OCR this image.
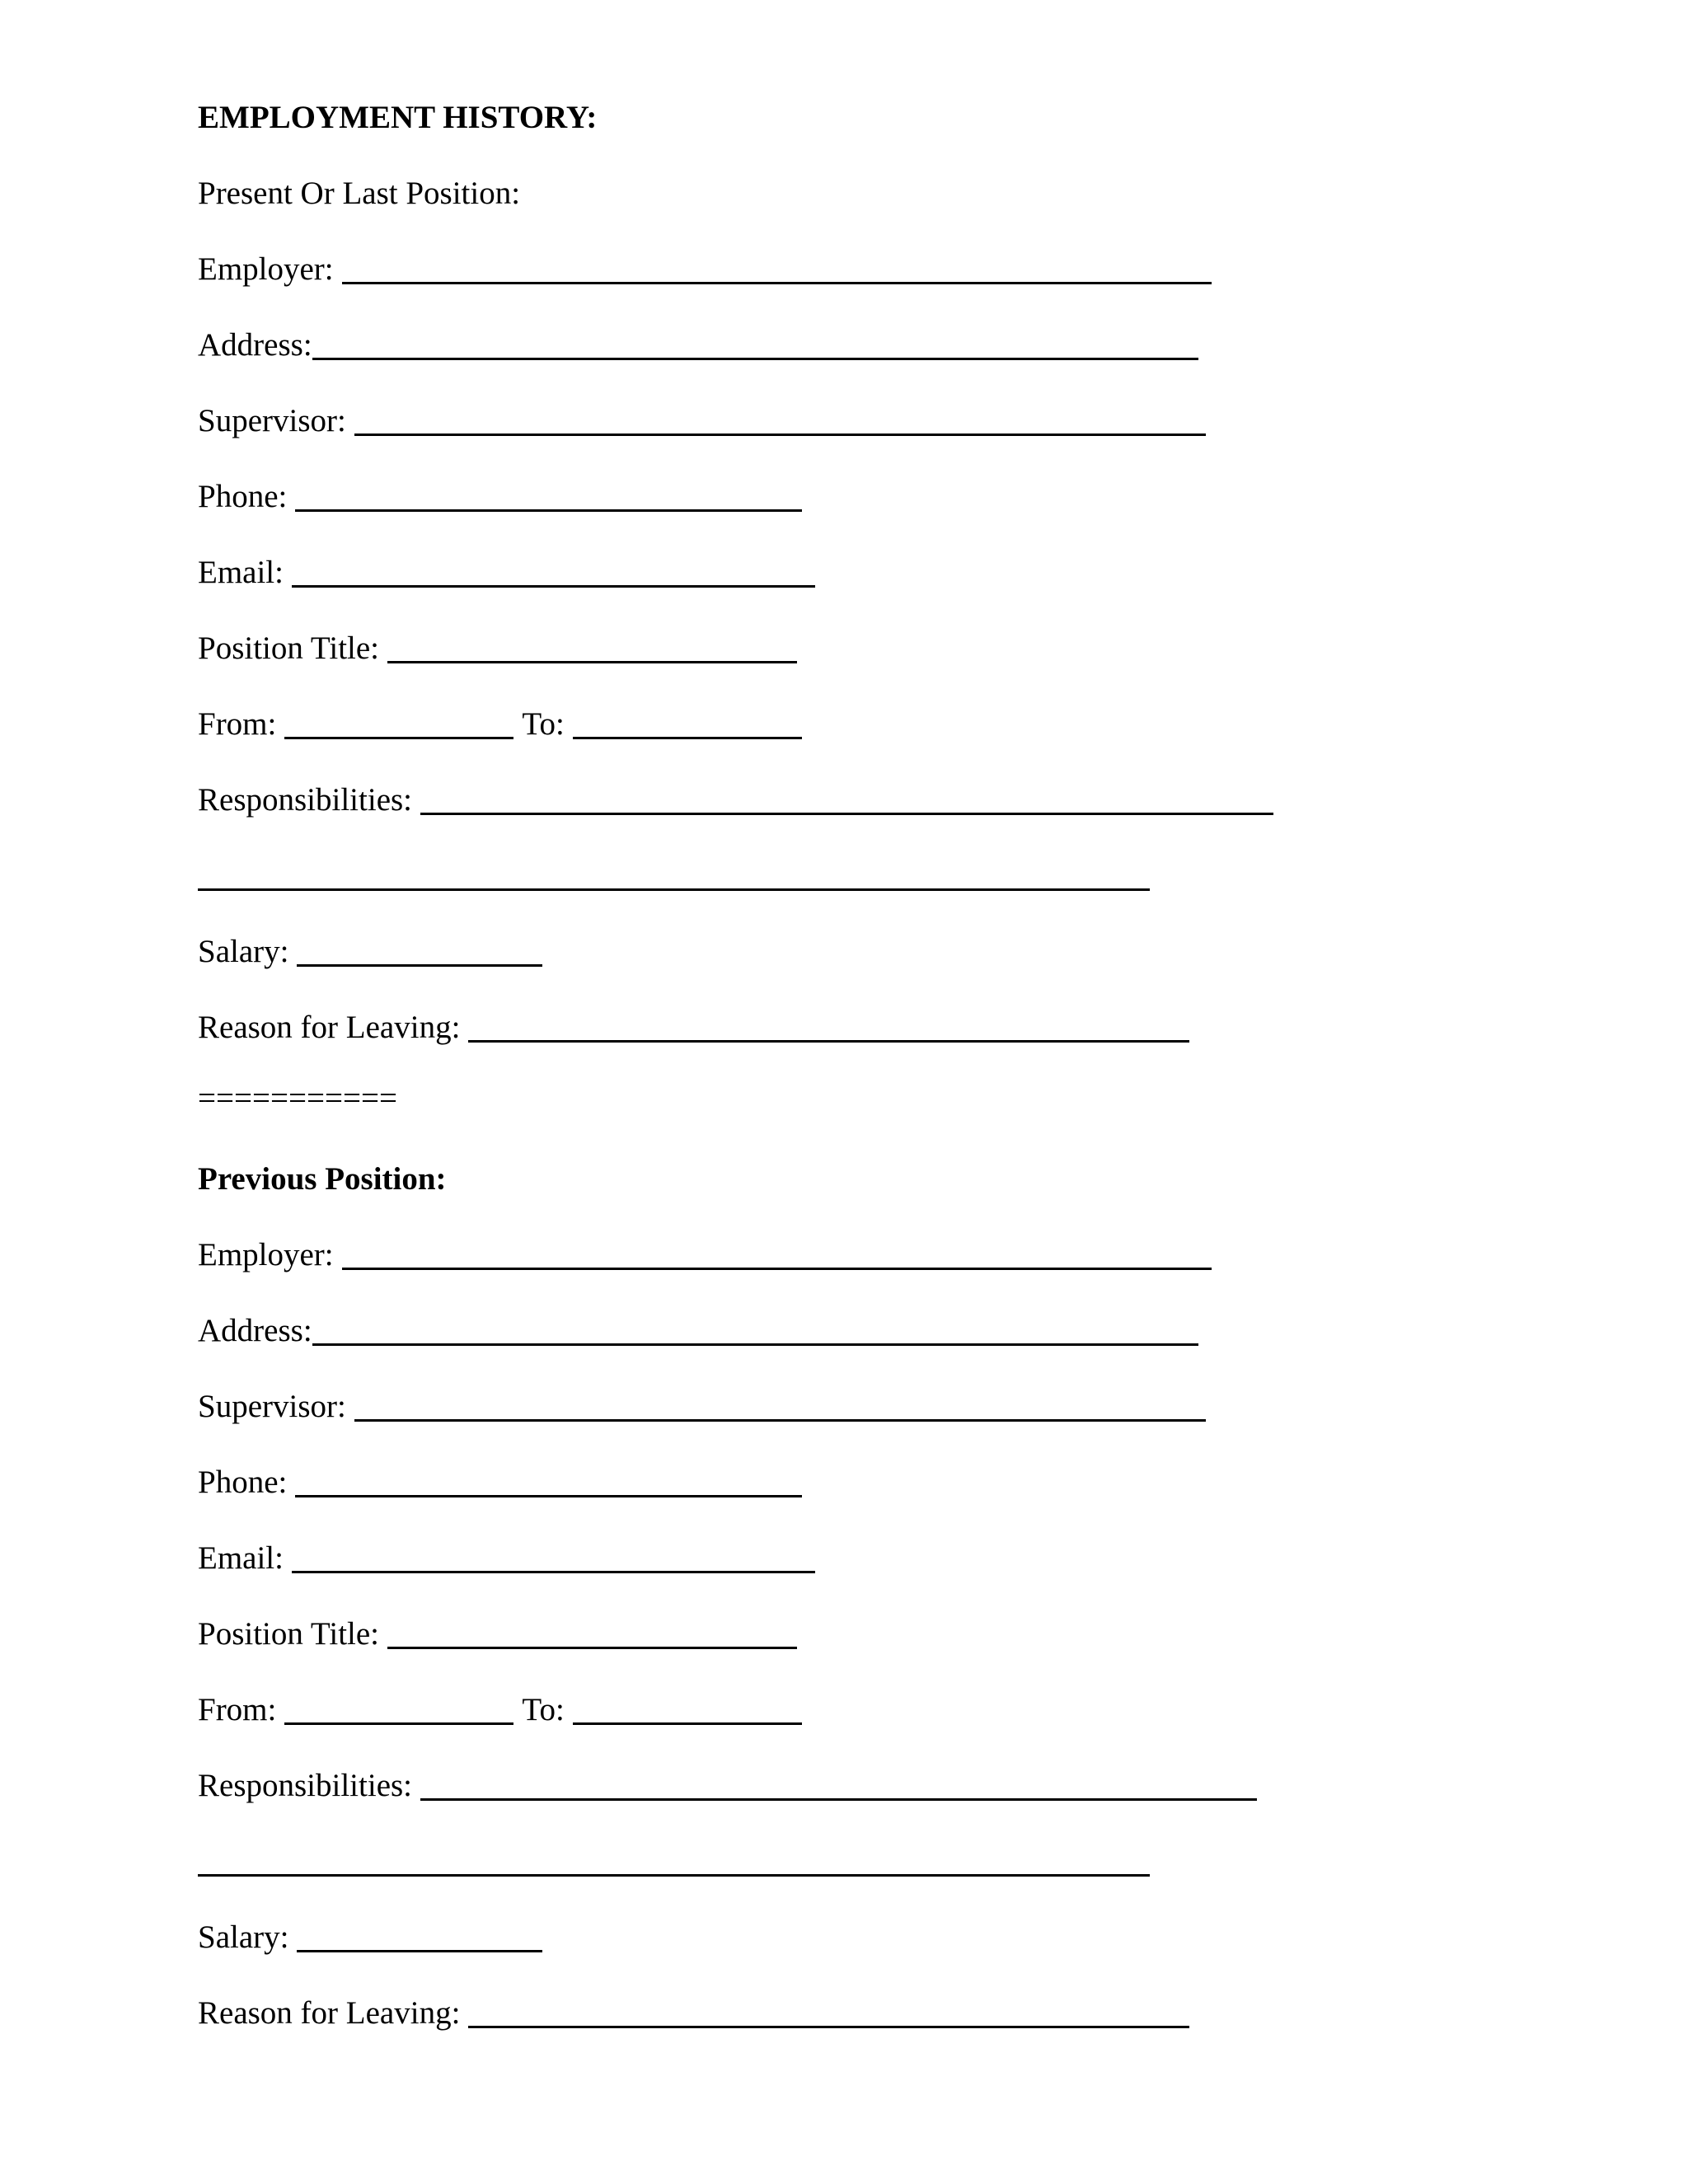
EMPLOYMENT HISTORY:
Present Or Last Position:
Employer:
Address:
Supervisor:
Phone:
Email:
Position Title:
From:	To:
Responsibilities:
Salary:
Reason for Leaving:
===========
Previous Position:
Employer:
Address:
Supervisor:
Phone:
Email:
Position Title:
From:	To:
Responsibilities:
Salary:
Reason for Leaving:
